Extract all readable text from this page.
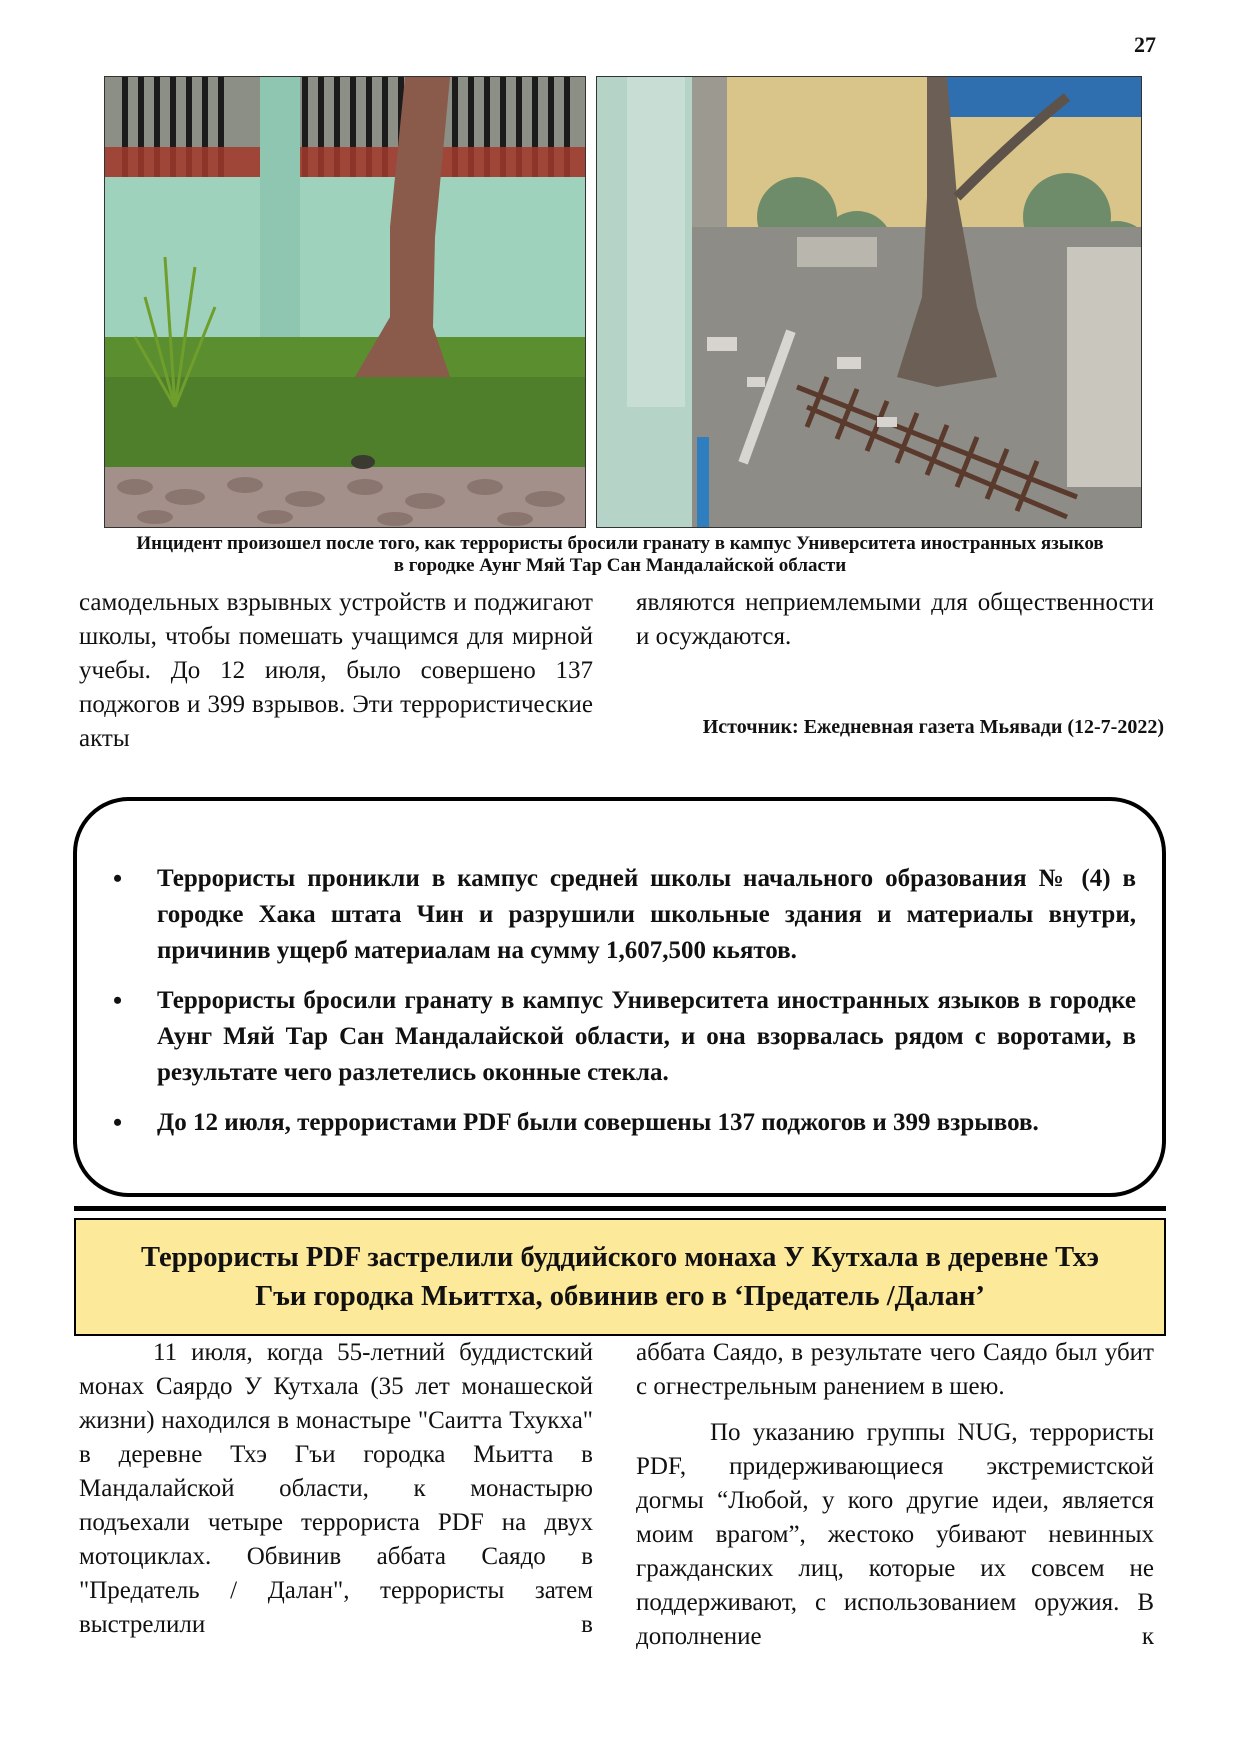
27
Инцидент произошел после того, как террористы бросили гранату в кампус Университета иностранных языков
в городке Аунг Мяй Тар Сан Мандалайской области

самодельных взрывных устройств и поджигают школы, чтобы помешать учащимся для мирной учебы. До 12 июля, было совершено 137 поджогов и 399 взрывов. Эти террористические акты

являются неприемлемыми для общественности и осуждаются.

Источник: Ежедневная газета Мьявади (12-7-2022)
• Террористы проникли в кампус средней школы начального образования № (4) в городке Хака штата Чин и разрушили школьные здания и материалы внутри, причинив ущерб материалам на сумму 1,607,500 кьятов.
• Террористы бросили гранату в кампус Университета иностранных языков в городке Аунг Мяй Тар Сан Мандалайской области, и она взорвалась рядом с воротами, в результате чего разлетелись оконные стекла.
• До 12 июля, террористами PDF были совершены 137 поджогов и 399 взрывов.
Террористы PDF застрелили буддийского монаха У Кутхала в деревне Тхэ
Гъи городка Мьиттха, обвинив его в ‘Предатель /Далан’

11 июля, когда 55-летний буддистский монах Саярдо У Кутхала (35 лет монашеской жизни) находился в монастыре "Саитта Тхукха" в деревне Тхэ Гъи городка Мьитта в Мандалайской области, к монастырю подъехали четыре террориста PDF на двух мотоциклах. Обвинив аббата Саядо в "Предатель / Далан", террористы затем выстрелили в

аббата Саядо, в результате чего Саядо был убит с огнестрельным ранением в шею.

По указанию группы NUG, террористы PDF, придерживающиеся экстремистской догмы “Любой, у кого другие идеи, является моим врагом”, жестоко убивают невинных гражданских лиц, которые их совсем не поддерживают, с использованием оружия. В дополнение к
